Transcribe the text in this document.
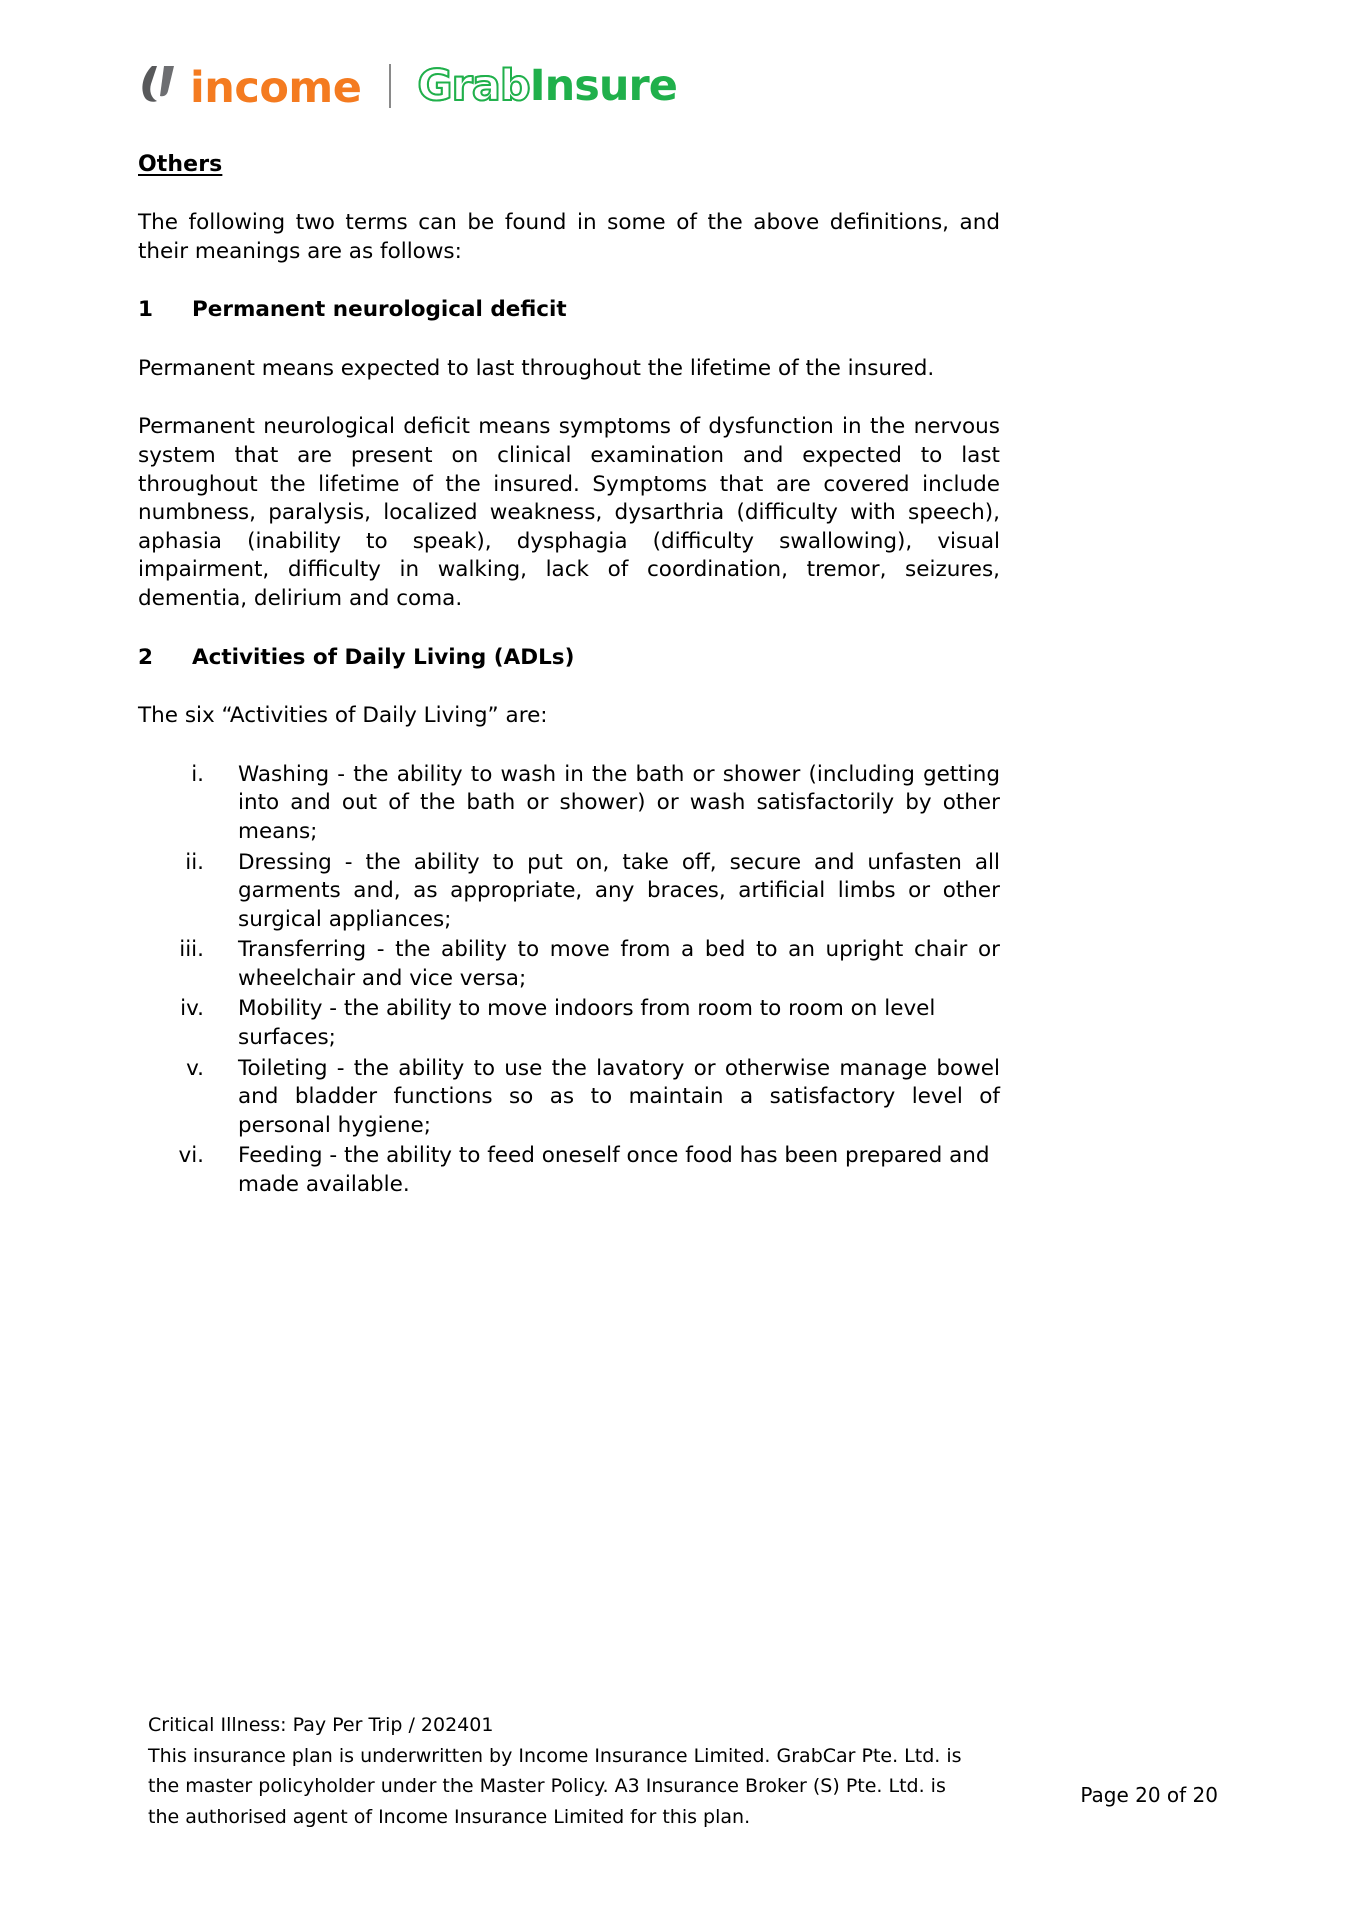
income Grab Insure
Others

The following two terms can be found in some of the above definitions, and their meanings are as follows:

1	Permanent neurological deficit

Permanent means expected to last throughout the lifetime of the insured.

Permanent neurological deficit means symptoms of dysfunction in the nervous system that are present on clinical examination and expected to last throughout the lifetime of the insured. Symptoms that are covered include numbness, paralysis, localized weakness, dysarthria (difficulty with speech), aphasia (inability to speak), dysphagia (difficulty swallowing), visual impairment, difficulty in walking, lack of coordination, tremor, seizures, dementia, delirium and coma.

2	Activities of Daily Living (ADLs)

The six “Activities of Daily Living” are:

i.	Washing - the ability to wash in the bath or shower (including getting into and out of the bath or shower) or wash satisfactorily by other means;
ii.	Dressing - the ability to put on, take off, secure and unfasten all garments and, as appropriate, any braces, artificial limbs or other surgical appliances;
iii.	Transferring - the ability to move from a bed to an upright chair or wheelchair and vice versa;
iv.	Mobility - the ability to move indoors from room to room on level surfaces;
v.	Toileting - the ability to use the lavatory or otherwise manage bowel and bladder functions so as to maintain a satisfactory level of personal hygiene;
vi.	Feeding - the ability to feed oneself once food has been prepared and made available.
Critical Illness: Pay Per Trip / 202401
This insurance plan is underwritten by Income Insurance Limited. GrabCar Pte. Ltd. is
the master policyholder under the Master Policy. A3 Insurance Broker (S) Pte. Ltd. is
the authorised agent of Income Insurance Limited for this plan.
Page 20 of 20
